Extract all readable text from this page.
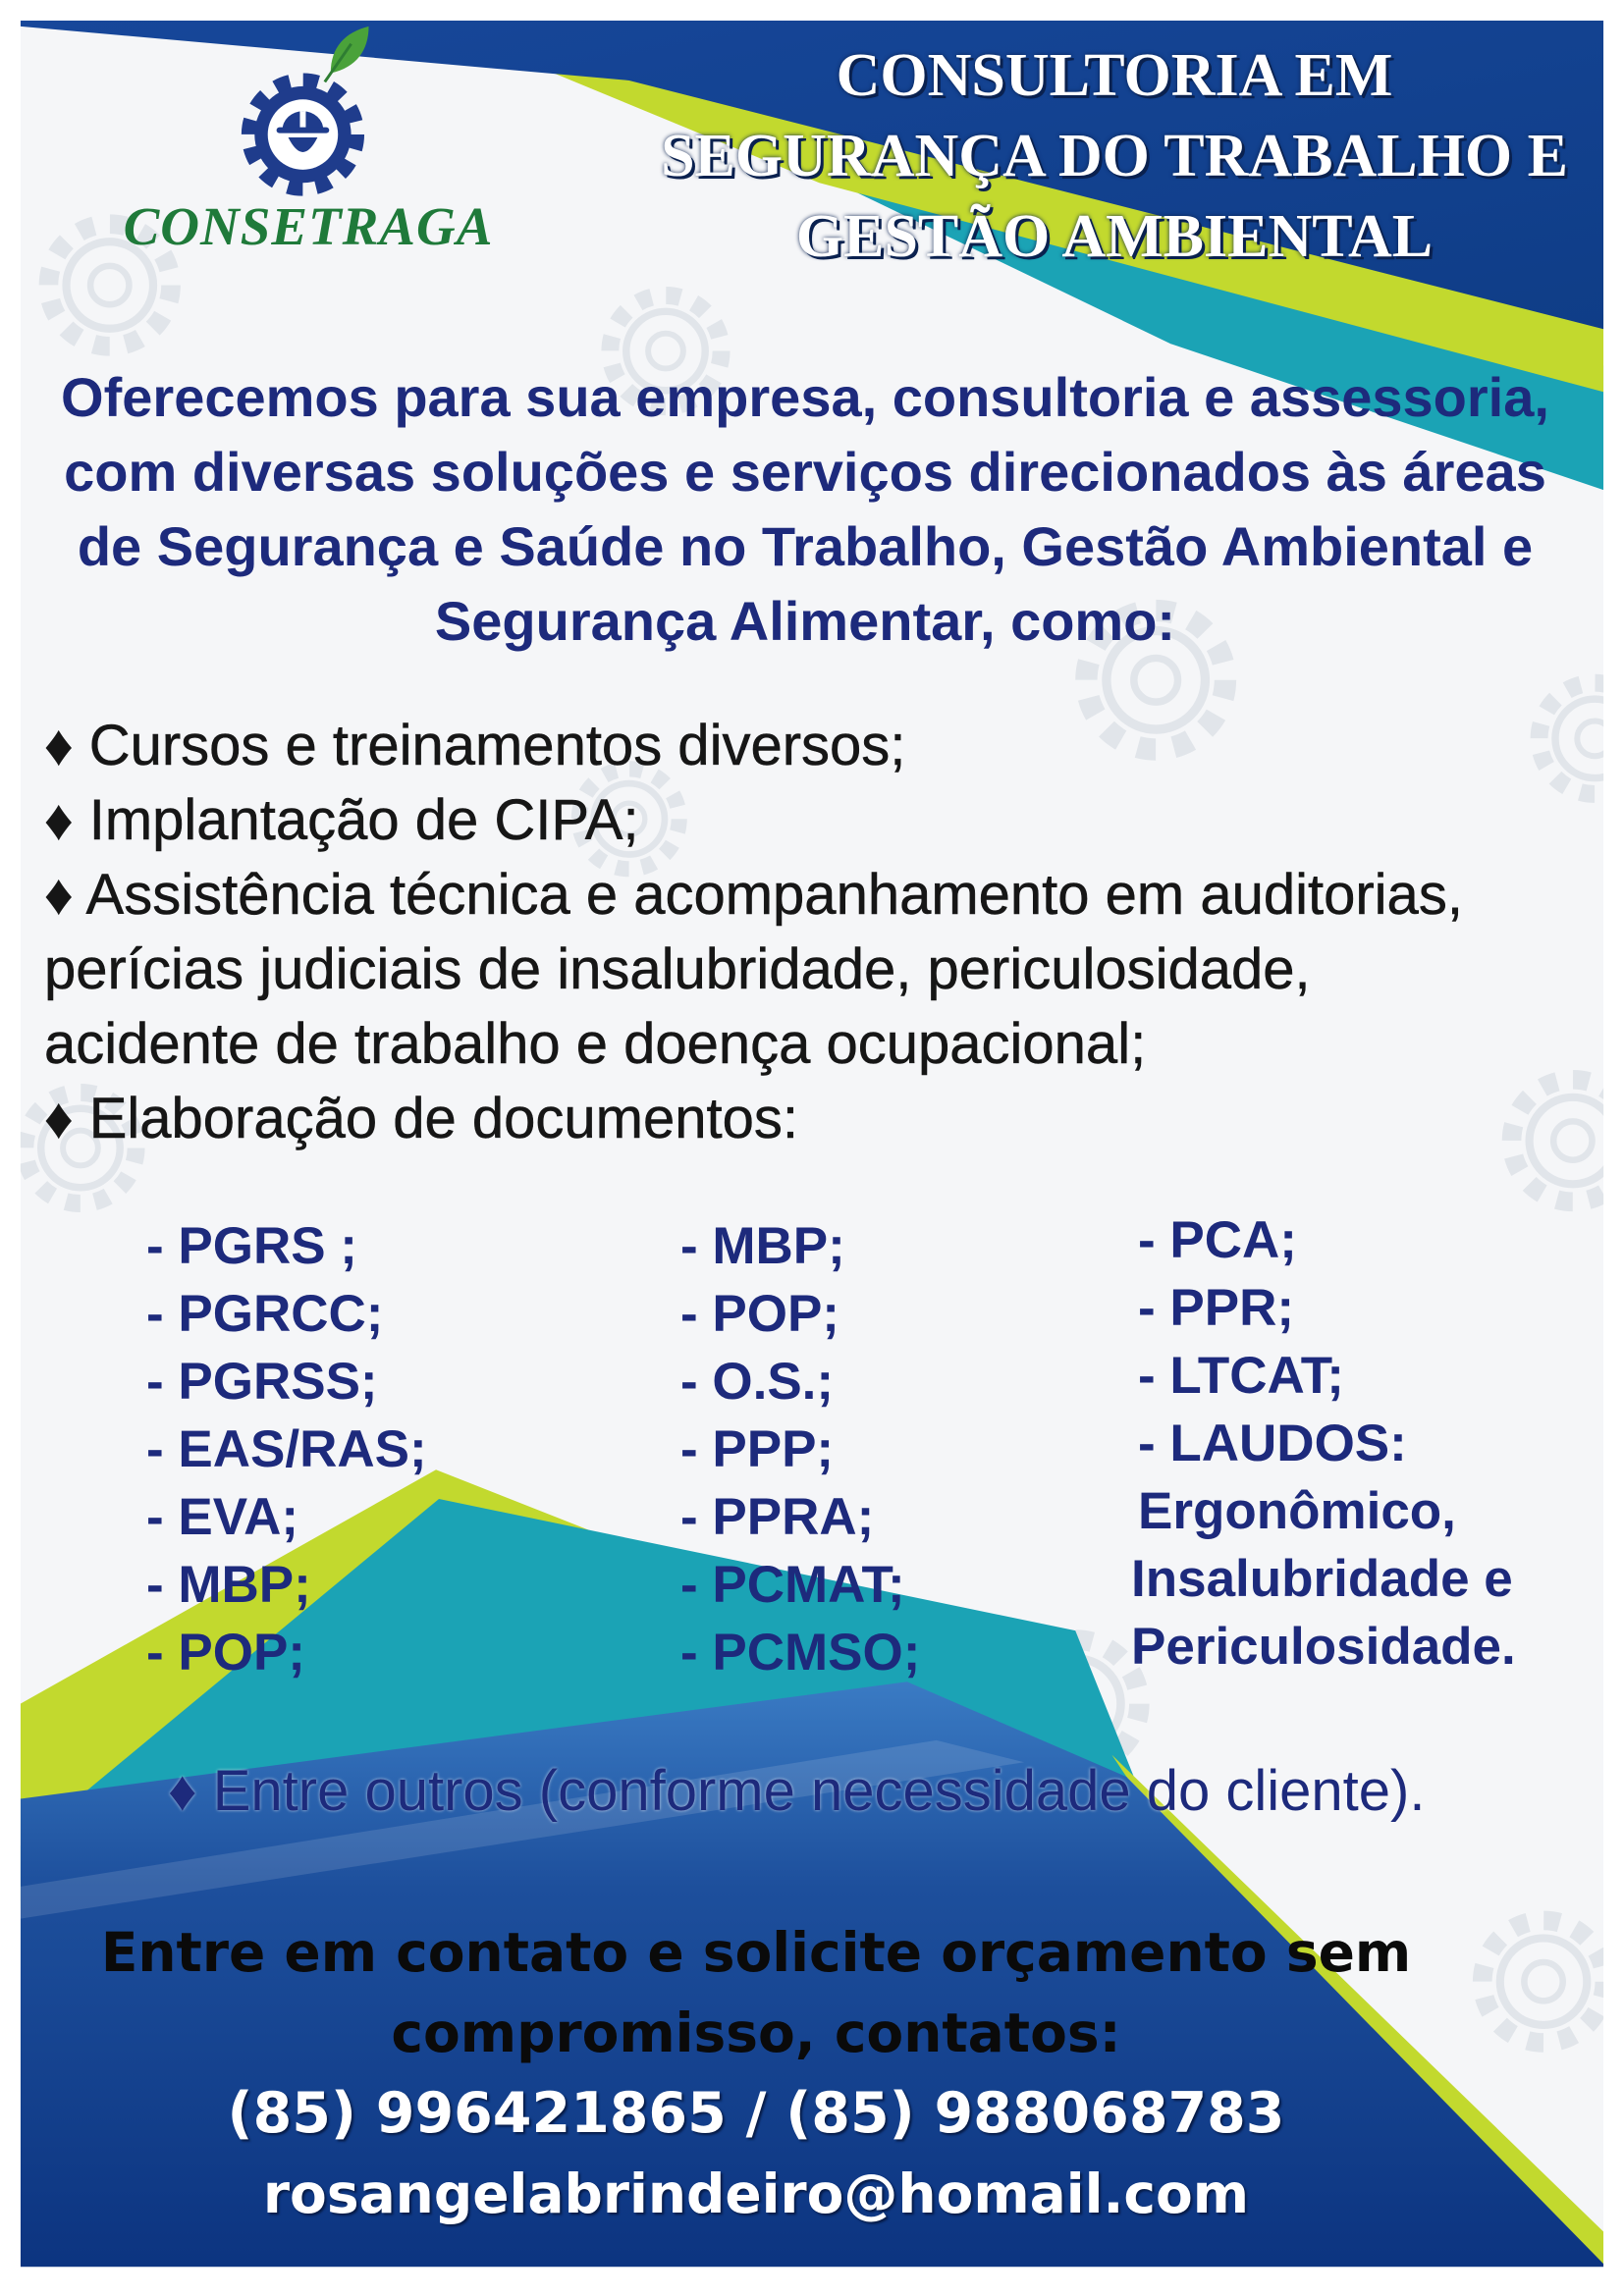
CONSETRAGA
CONSULTORIA EM
SEGURANÇA DO TRABALHO E
GESTÃO AMBIENTAL
Oferecemos para sua empresa, consultoria e assessoria,
com diversas soluções e serviços direcionados às áreas
de Segurança e Saúde no Trabalho, Gestão Ambiental e
Segurança Alimentar, como:
♦ Cursos e treinamentos diversos;
♦ Implantação de CIPA;
♦ Assistência técnica e acompanhamento em auditorias,
perícias judiciais de insalubridade, periculosidade,
acidente de trabalho e doença ocupacional;
♦ Elaboração de documentos:
- PGRS ;
- PGRCC;
- PGRSS;
- EAS/RAS;
- EVA;
- MBP;
- POP;
- MBP;
- POP;
- O.S.;
- PPP;
- PPRA;
- PCMAT;
- PCMSO;
- PCA;
- PPR;
- LTCAT;
- LAUDOS:
Ergonômico,
Insalubridade e
Periculosidade.
♦ Entre outros (conforme necessidade do cliente).
Entre em contato e solicite orçamento sem
compromisso, contatos:
(85) 996421865 / (85) 988068783
rosangelabrindeiro@homail.com
